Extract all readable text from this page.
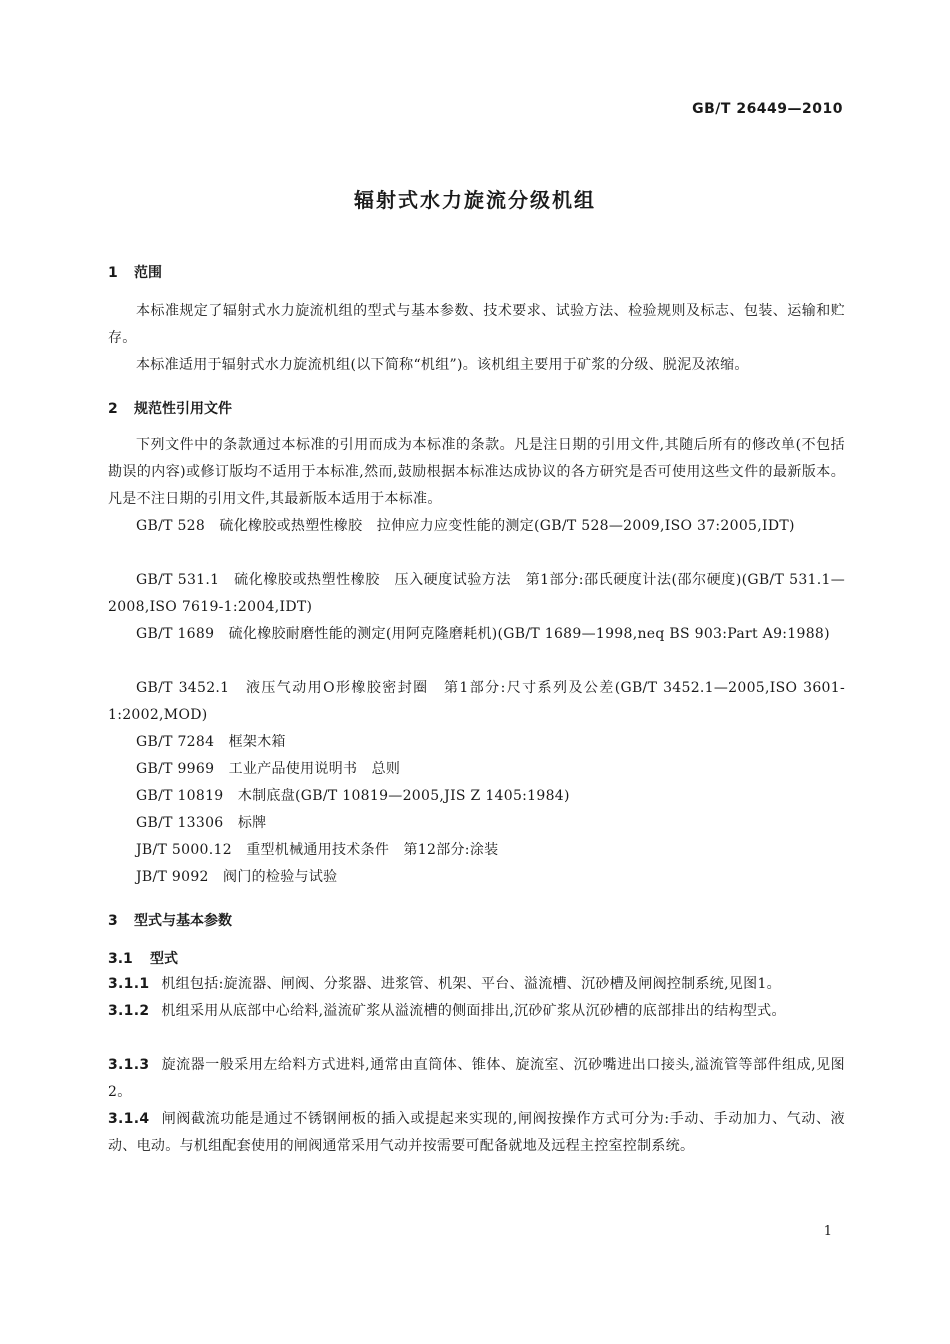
GB/T 26449—2010
辐射式水力旋流分级机组
1 范围
本标准规定了辐射式水力旋流机组的型式与基本参数、技术要求、试验方法、检验规则及标志、包装、运输和贮存。
本标准适用于辐射式水力旋流机组(以下简称“机组”)。该机组主要用于矿浆的分级、脱泥及浓缩。
2 规范性引用文件
下列文件中的条款通过本标准的引用而成为本标准的条款。凡是注日期的引用文件,其随后所有的修改单(不包括勘误的内容)或修订版均不适用于本标准,然而,鼓励根据本标准达成协议的各方研究是否可使用这些文件的最新版本。凡是不注日期的引用文件,其最新版本适用于本标准。
GB/T 528　硫化橡胶或热塑性橡胶　拉伸应力应变性能的测定(GB/T 528—2009,ISO 37:2005,IDT)
GB/T 531.1　硫化橡胶或热塑性橡胶　压入硬度试验方法　第1部分:邵氏硬度计法(邵尔硬度)(GB/T 531.1—2008,ISO 7619-1:2004,IDT)
GB/T 1689　硫化橡胶耐磨性能的测定(用阿克隆磨耗机)(GB/T 1689—1998,neq BS 903:Part A9:1988)
GB/T 3452.1　液压气动用O形橡胶密封圈　第1部分:尺寸系列及公差(GB/T 3452.1—2005,ISO 3601-1:2002,MOD)
GB/T 7284　框架木箱
GB/T 9969　工业产品使用说明书　总则
GB/T 10819　木制底盘(GB/T 10819—2005,JIS Z 1405:1984)
GB/T 13306　标牌
JB/T 5000.12　重型机械通用技术条件　第12部分:涂装
JB/T 9092　阀门的检验与试验
3 型式与基本参数
3.1 型式
3.1.1 机组包括:旋流器、闸阀、分浆器、进浆管、机架、平台、溢流槽、沉砂槽及闸阀控制系统,见图1。
3.1.2 机组采用从底部中心给料,溢流矿浆从溢流槽的侧面排出,沉砂矿浆从沉砂槽的底部排出的结构型式。
3.1.3 旋流器一般采用左给料方式进料,通常由直筒体、锥体、旋流室、沉砂嘴进出口接头,溢流管等部件组成,见图2。
3.1.4 闸阀截流功能是通过不锈钢闸板的插入或提起来实现的,闸阀按操作方式可分为:手动、手动加力、气动、液动、电动。与机组配套使用的闸阀通常采用气动并按需要可配备就地及远程主控室控制系统。
1
